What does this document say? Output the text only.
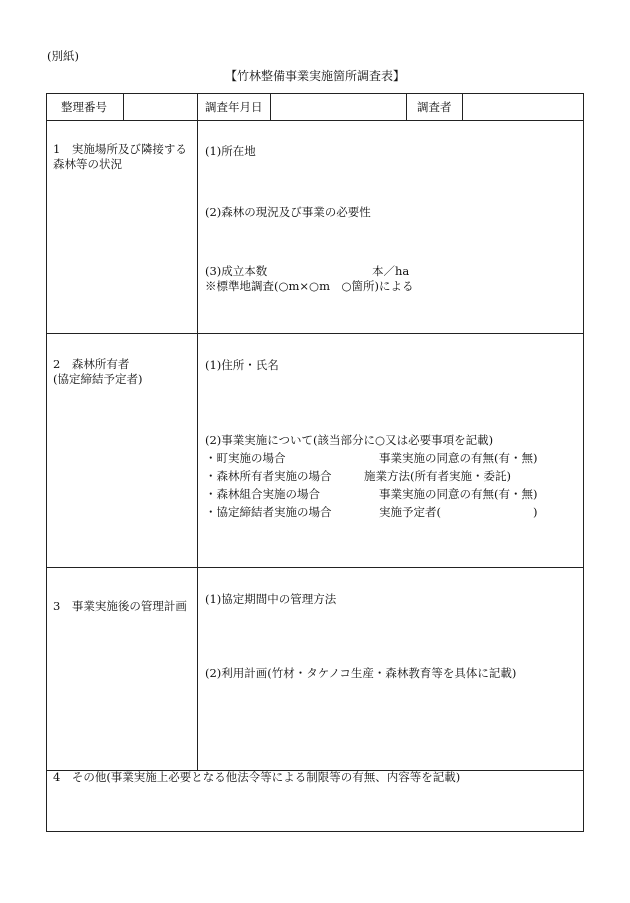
(別紙)
【竹林整備事業実施箇所調査表】
整理番号	調査年月日	調査者
1　実施場所及び隣接する
森林等の状況
(1)所在地
(2)森林の現況及び事業の必要性
(3)成立本数	本／ha
※標準地調査(○m×○m　○箇所)による
2　森林所有者
(協定締結予定者)
(1)住所・氏名
(2)事業実施について(該当部分に○又は必要事項を記載)
・町実施の場合	事業実施の同意の有無(有・無)
・森林所有者実施の場合	施業方法(所有者実施・委託)
・森林組合実施の場合	事業実施の同意の有無(有・無)
・協定締結者実施の場合	実施予定者(　　　　　　　　)
3　事業実施後の管理計画 (1)協定期間中の管理方法
(2)利用計画(竹材・タケノコ生産・森林教育等を具体に記載)
4　その他(事業実施上必要となる他法令等による制限等の有無、内容等を記載)
